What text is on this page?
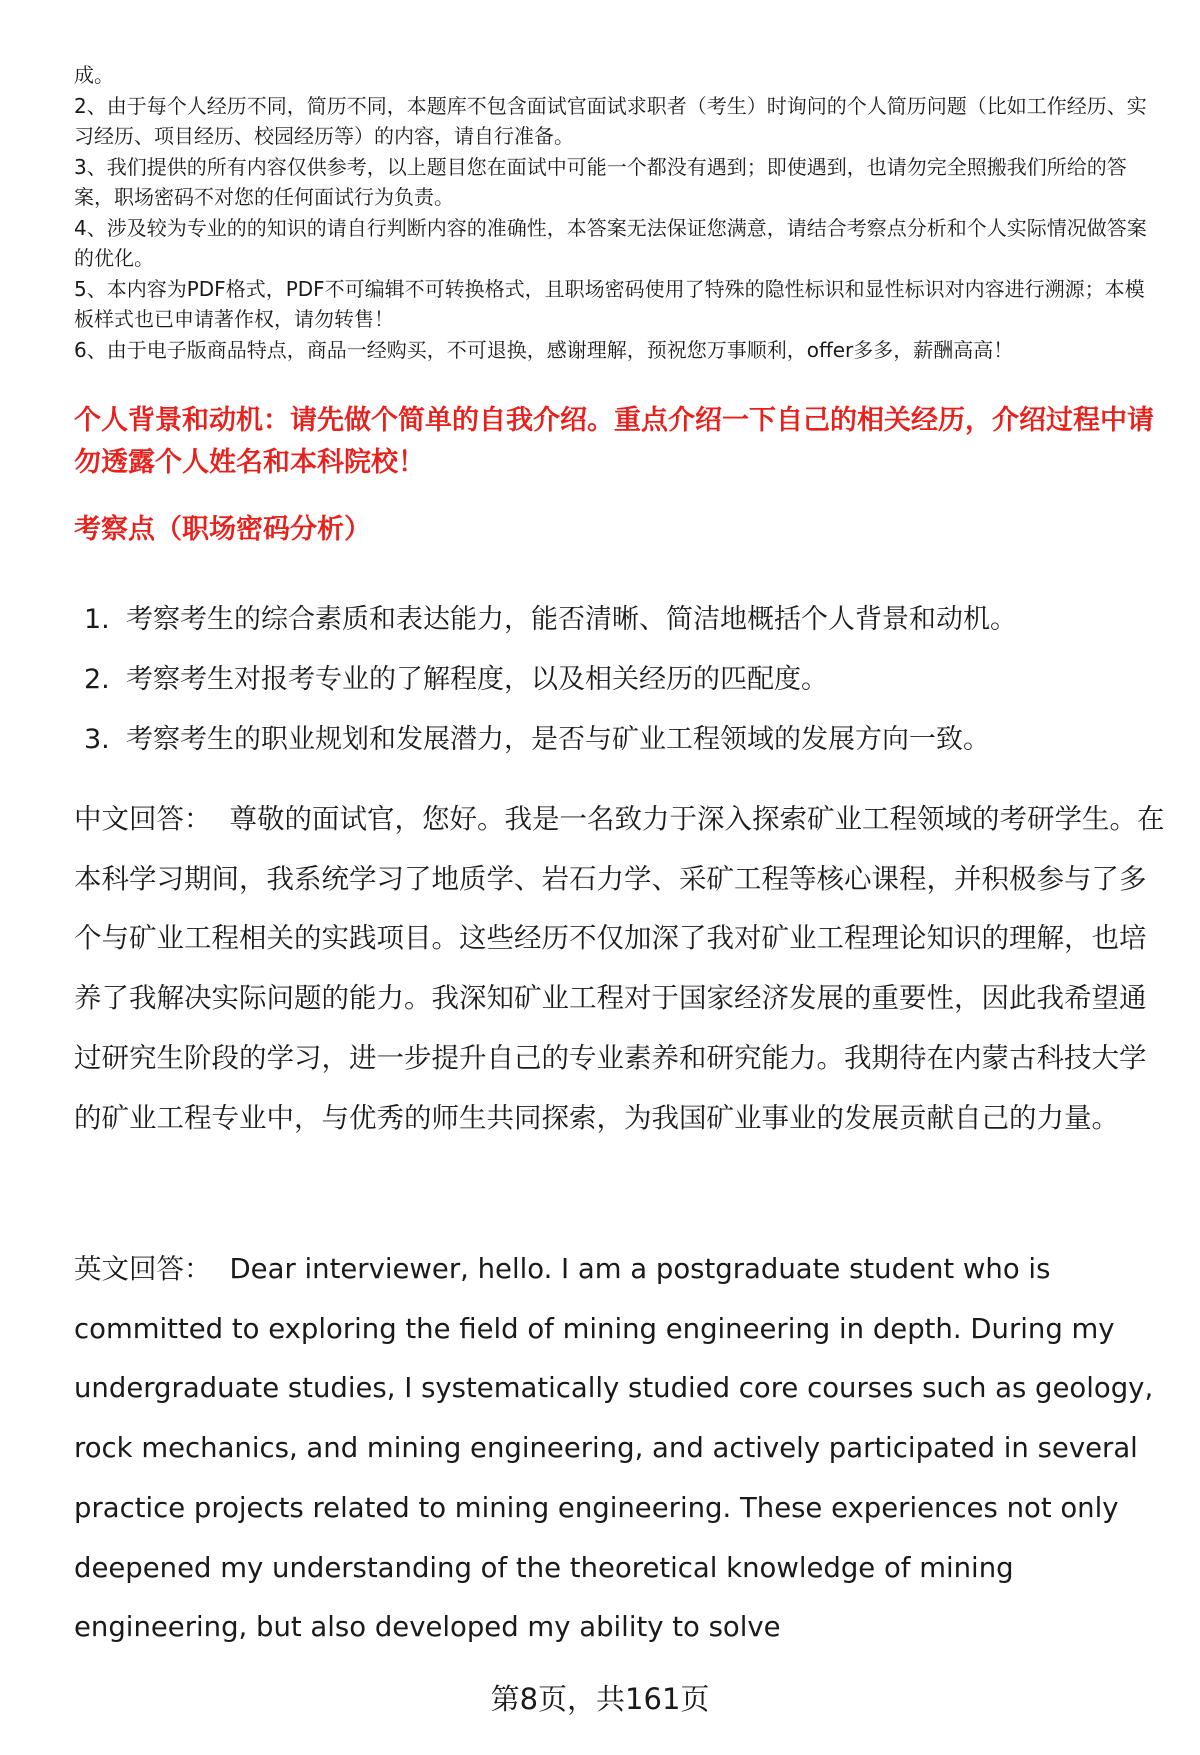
成。

2、由于每个人经历不同，简历不同，本题库不包含面试官面试求职者（考生）时询问的个人简历问题（比如工作经历、实习经历、项目经历、校园经历等）的内容，请自行准备。

3、我们提供的所有内容仅供参考，以上题目您在面试中可能一个都没有遇到；即使遇到，也请勿完全照搬我们所给的答案，职场密码不对您的任何面试行为负责。

4、涉及较为专业的的知识的请自行判断内容的准确性，本答案无法保证您满意，请结合考察点分析和个人实际情况做答案的优化。

5、本内容为PDF格式，PDF不可编辑不可转换格式，且职场密码使用了特殊的隐性标识和显性标识对内容进行溯源；本模板样式也已申请著作权，请勿转售！

6、由于电子版商品特点，商品一经购买，不可退换，感谢理解，预祝您万事顺利，offer多多，薪酬高高！

个人背景和动机：请先做个简单的自我介绍。重点介绍一下自己的相关经历，介绍过程中请勿透露个人姓名和本科院校！

考察点（职场密码分析）

1. 考察考生的综合素质和表达能力，能否清晰、简洁地概括个人背景和动机。
2. 考察考生对报考专业的了解程度，以及相关经历的匹配度。
3. 考察考生的职业规划和发展潜力，是否与矿业工程领域的发展方向一致。

中文回答： 尊敬的面试官，您好。我是一名致力于深入探索矿业工程领域的考研学生。在本科学习期间，我系统学习了地质学、岩石力学、采矿工程等核心课程，并积极参与了多个与矿业工程相关的实践项目。这些经历不仅加深了我对矿业工程理论知识的理解，也培养了我解决实际问题的能力。我深知矿业工程对于国家经济发展的重要性，因此我希望通过研究生阶段的学习，进一步提升自己的专业素养和研究能力。我期待在内蒙古科技大学的矿业工程专业中，与优秀的师生共同探索，为我国矿业事业的发展贡献自己的力量。

英文回答： Dear interviewer, hello. I am a postgraduate student who is committed to exploring the field of mining engineering in depth. During my undergraduate studies, I systematically studied core courses such as geology, rock mechanics, and mining engineering, and actively participated in several practice projects related to mining engineering. These experiences not only deepened my understanding of the theoretical knowledge of mining engineering, but also developed my ability to solve

第8页，共161页
